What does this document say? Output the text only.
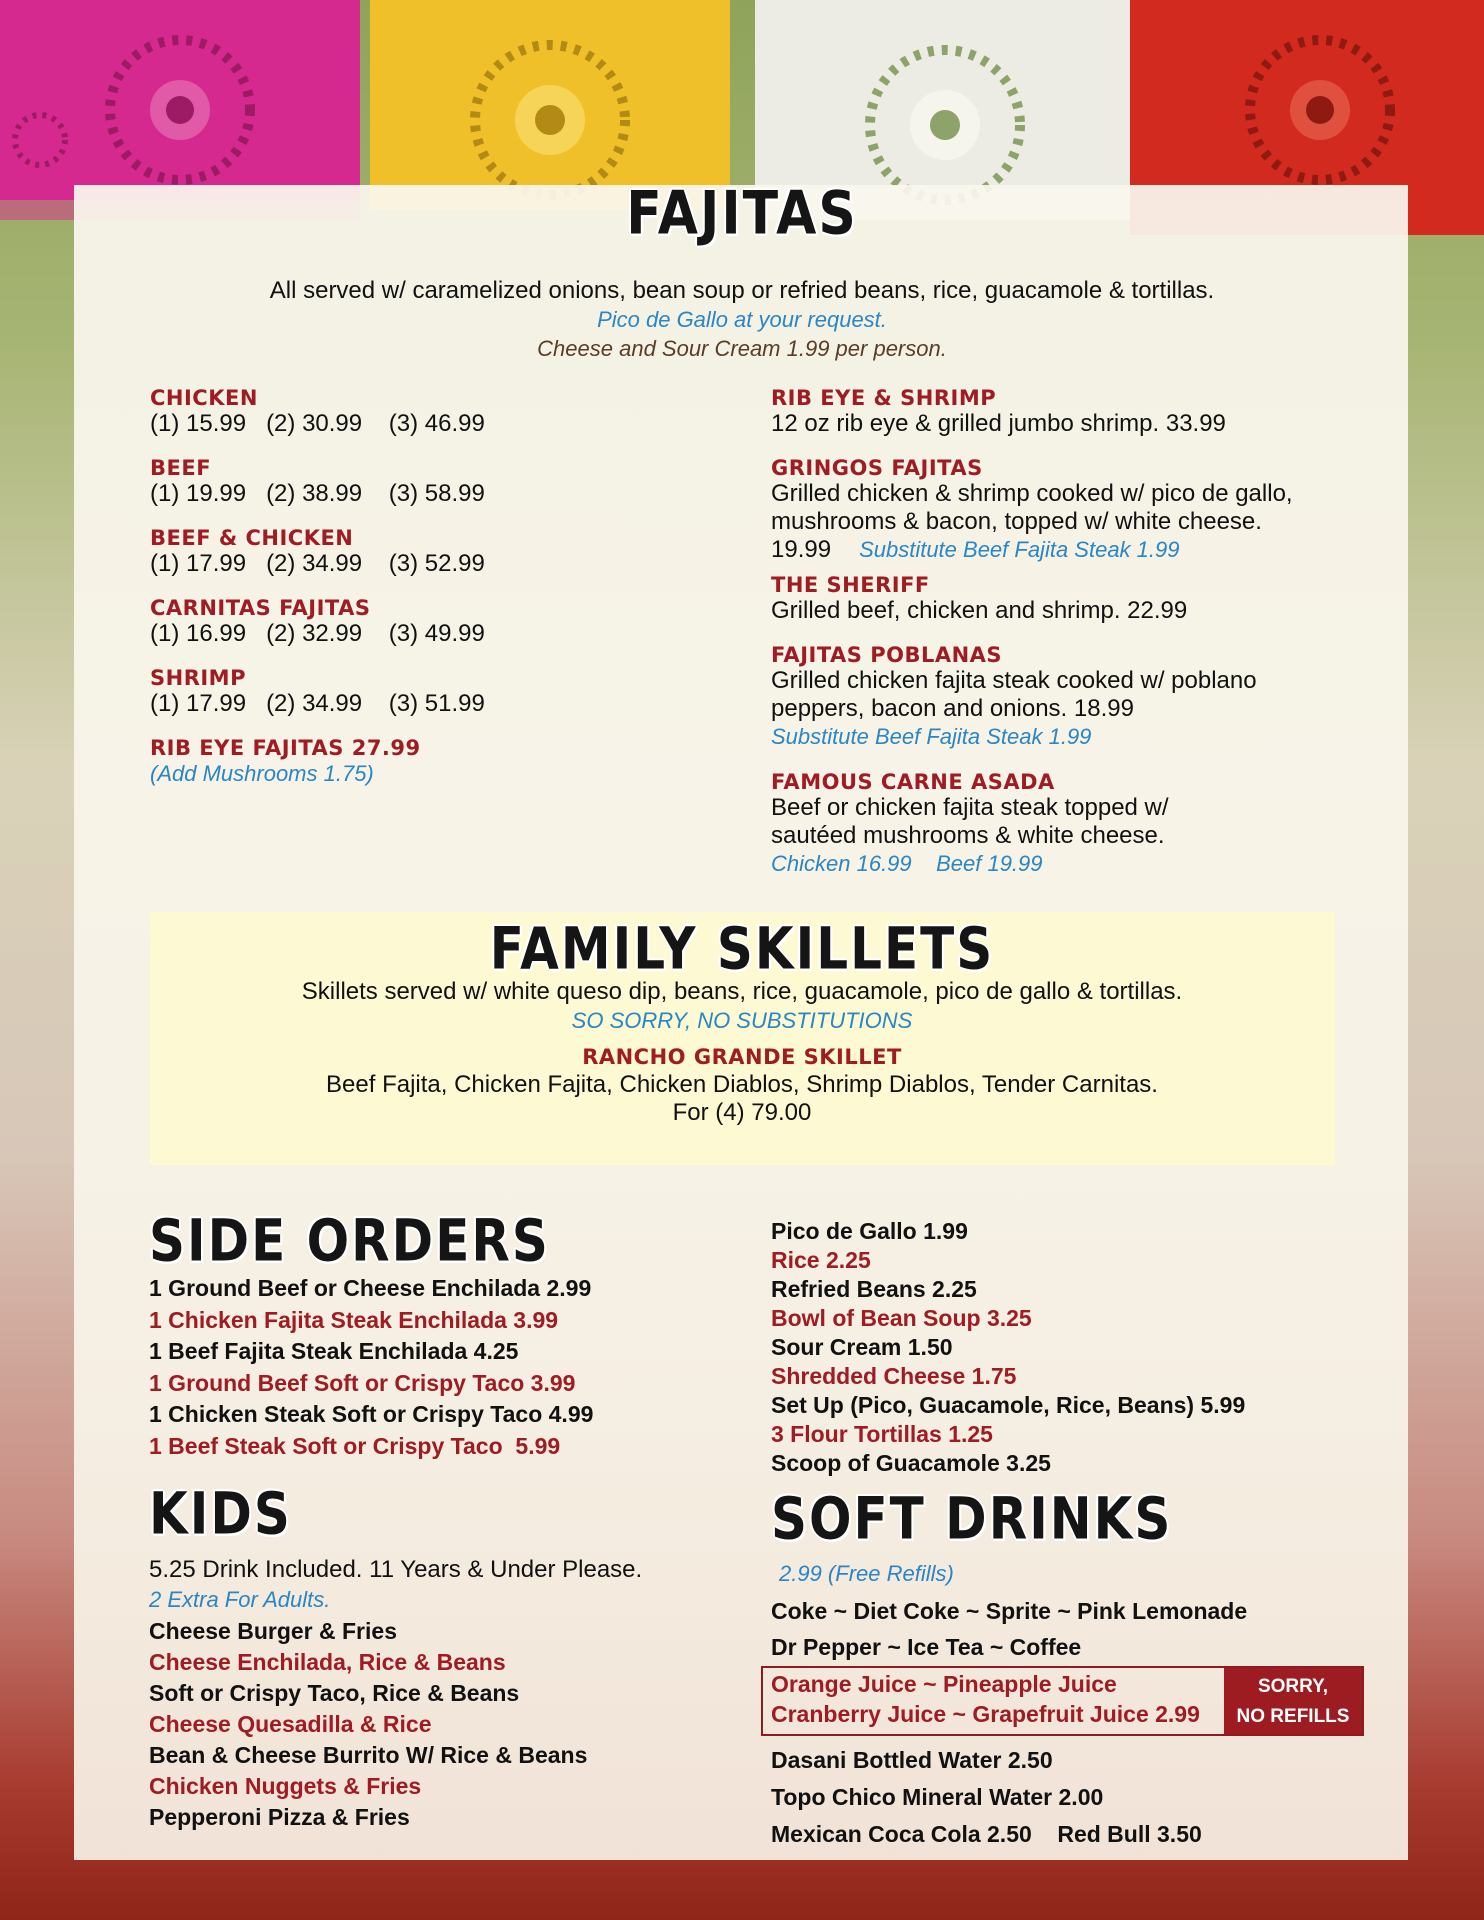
FAJITAS
All served w/ caramelized onions, bean soup or refried beans, rice, guacamole & tortillas.
Pico de Gallo at your request.
Cheese and Sour Cream 1.99 per person.
CHICKEN
(1) 15.99   (2) 30.99    (3) 46.99
BEEF
(1) 19.99   (2) 38.99    (3) 58.99
BEEF & CHICKEN
(1) 17.99   (2) 34.99    (3) 52.99
CARNITAS FAJITAS
(1) 16.99   (2) 32.99    (3) 49.99
SHRIMP
(1) 17.99   (2) 34.99    (3) 51.99
RIB EYE FAJITAS 27.99
(Add Mushrooms 1.75)
RIB EYE & SHRIMP
12 oz rib eye & grilled jumbo shrimp. 33.99
GRINGOS FAJITAS
Grilled chicken & shrimp cooked w/ pico de gallo,
mushrooms & bacon, topped w/ white cheese.
19.99 Substitute Beef Fajita Steak 1.99
THE SHERIFF
Grilled beef, chicken and shrimp. 22.99
FAJITAS POBLANAS
Grilled chicken fajita steak cooked w/ poblano
peppers, bacon and onions. 18.99
Substitute Beef Fajita Steak 1.99
FAMOUS CARNE ASADA
Beef or chicken fajita steak topped w/
sautéed mushrooms & white cheese.
Chicken 16.99    Beef 19.99
FAMILY SKILLETS
Skillets served w/ white queso dip, beans, rice, guacamole, pico de gallo & tortillas.
SO SORRY, NO SUBSTITUTIONS
RANCHO GRANDE SKILLET
Beef Fajita, Chicken Fajita, Chicken Diablos, Shrimp Diablos, Tender Carnitas.
For (4) 79.00
SIDE ORDERS
1 Ground Beef or Cheese Enchilada 2.99
1 Chicken Fajita Steak Enchilada 3.99
1 Beef Fajita Steak Enchilada 4.25
1 Ground Beef Soft or Crispy Taco 3.99
1 Chicken Steak Soft or Crispy Taco 4.99
1 Beef Steak Soft or Crispy Taco  5.99
Pico de Gallo 1.99
Rice 2.25
Refried Beans 2.25
Bowl of Bean Soup 3.25
Sour Cream 1.50
Shredded Cheese 1.75
Set Up (Pico, Guacamole, Rice, Beans) 5.99
3 Flour Tortillas 1.25
Scoop of Guacamole 3.25
KIDS
5.25 Drink Included. 11 Years & Under Please.
2 Extra For Adults.
Cheese Burger & Fries
Cheese Enchilada, Rice & Beans
Soft or Crispy Taco, Rice & Beans
Cheese Quesadilla & Rice
Bean & Cheese Burrito W/ Rice & Beans
Chicken Nuggets & Fries
Pepperoni Pizza & Fries
SOFT DRINKS
2.99 (Free Refills)
Coke ~ Diet Coke ~ Sprite ~ Pink Lemonade
Dr Pepper ~ Ice Tea ~ Coffee
Orange Juice ~ Pineapple Juice
Cranberry Juice ~ Grapefruit Juice 2.99
SORRY,
NO REFILLS
Dasani Bottled Water 2.50
Topo Chico Mineral Water 2.00
Mexican Coca Cola 2.50    Red Bull 3.50
